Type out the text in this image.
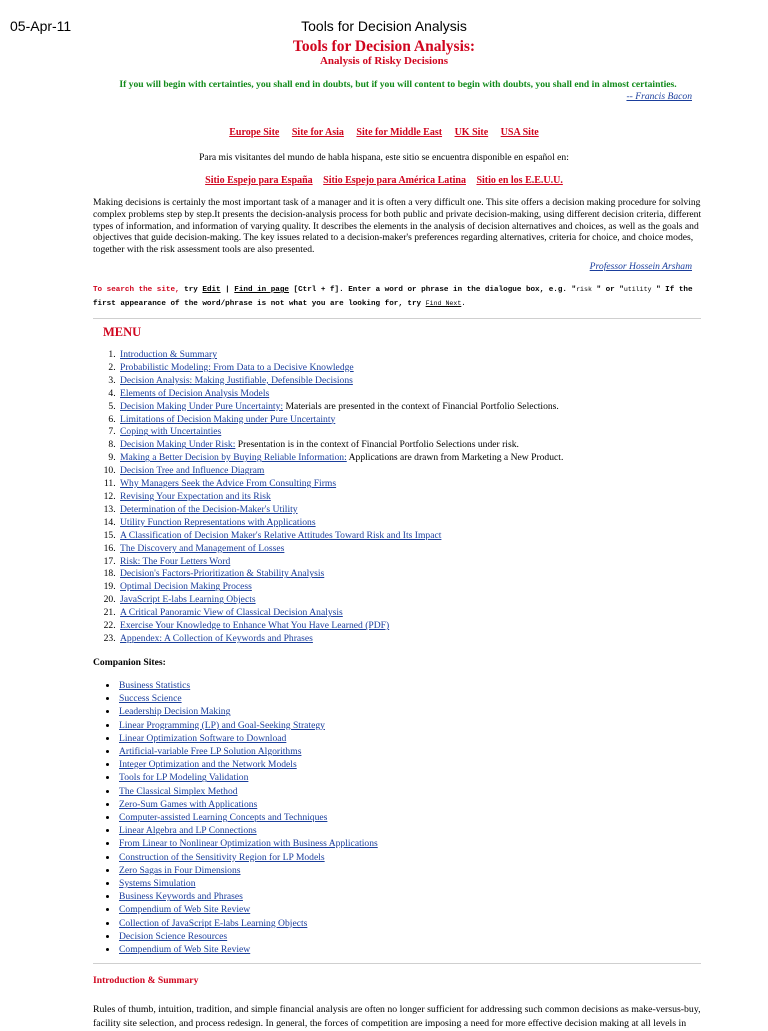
05-Apr-11	Tools for Decision Analysis
Tools for Decision Analysis:
Analysis of Risky Decisions
If you will begin with certainties, you shall end in doubts, but if you will content to begin with doubts, you shall end in almost certainties.
-- Francis Bacon
Europe Site Site for Asia Site for Middle East UK Site USA Site
Para mis visitantes del mundo de habla hispana, este sitio se encuentra disponible en español en:
Sitio Espejo para España Sitio Espejo para América Latina Sitio en los E.E.U.U.
Making decisions is certainly the most important task of a manager and it is often a very difficult one. This site offers a decision making procedure for solving complex problems step by step.It presents the decision-analysis process for both public and private decision-making, using different decision criteria, different types of information, and information of varying quality. It describes the elements in the analysis of decision alternatives and choices, as well as the goals and objectives that guide decision-making. The key issues related to a decision-maker's preferences regarding alternatives, criteria for choice, and choice modes, together with the risk assessment tools are also presented.
Professor Hossein Arsham
To search the site, try Edit | Find in page [Ctrl + f]. Enter a word or phrase in the dialogue box, e.g. "risk " or "utility " If the first appearance of the word/phrase is not what you are looking for, try Find Next.
MENU
1. Introduction & Summary
2. Probabilistic Modeling: From Data to a Decisive Knowledge
3. Decision Analysis: Making Justifiable, Defensible Decisions
4. Elements of Decision Analysis Models
5. Decision Making Under Pure Uncertainty: Materials are presented in the context of Financial Portfolio Selections.
6. Limitations of Decision Making under Pure Uncertainty
7. Coping with Uncertainties
8. Decision Making Under Risk: Presentation is in the context of Financial Portfolio Selections under risk.
9. Making a Better Decision by Buying Reliable Information: Applications are drawn from Marketing a New Product.
10. Decision Tree and Influence Diagram
11. Why Managers Seek the Advice From Consulting Firms
12. Revising Your Expectation and its Risk
13. Determination of the Decision-Maker's Utility
14. Utility Function Representations with Applications
15. A Classification of Decision Maker's Relative Attitudes Toward Risk and Its Impact
16. The Discovery and Management of Losses
17. Risk: The Four Letters Word
18. Decision's Factors-Prioritization & Stability Analysis
19. Optimal Decision Making Process
20. JavaScript E-labs Learning Objects
21. A Critical Panoramic View of Classical Decision Analysis
22. Exercise Your Knowledge to Enhance What You Have Learned (PDF)
23. Appendex: A Collection of Keywords and Phrases
Companion Sites:
• Business Statistics
• Success Science
• Leadership Decision Making
• Linear Programming (LP) and Goal-Seeking Strategy
• Linear Optimization Software to Download
• Artificial-variable Free LP Solution Algorithms
• Integer Optimization and the Network Models
• Tools for LP Modeling Validation
• The Classical Simplex Method
• Zero-Sum Games with Applications
• Computer-assisted Learning Concepts and Techniques
• Linear Algebra and LP Connections
• From Linear to Nonlinear Optimization with Business Applications
• Construction of the Sensitivity Region for LP Models
• Zero Sagas in Four Dimensions
• Systems Simulation
• Business Keywords and Phrases
• Compendium of Web Site Review
• Collection of JavaScript E-labs Learning Objects
• Decision Science Resources
• Compendium of Web Site Review
Introduction & Summary
Rules of thumb, intuition, tradition, and simple financial analysis are often no longer sufficient for addressing such common decisions as make-versus-buy, facility site selection, and process redesign. In general, the forces of competition are imposing a need for more effective decision making at all levels in
